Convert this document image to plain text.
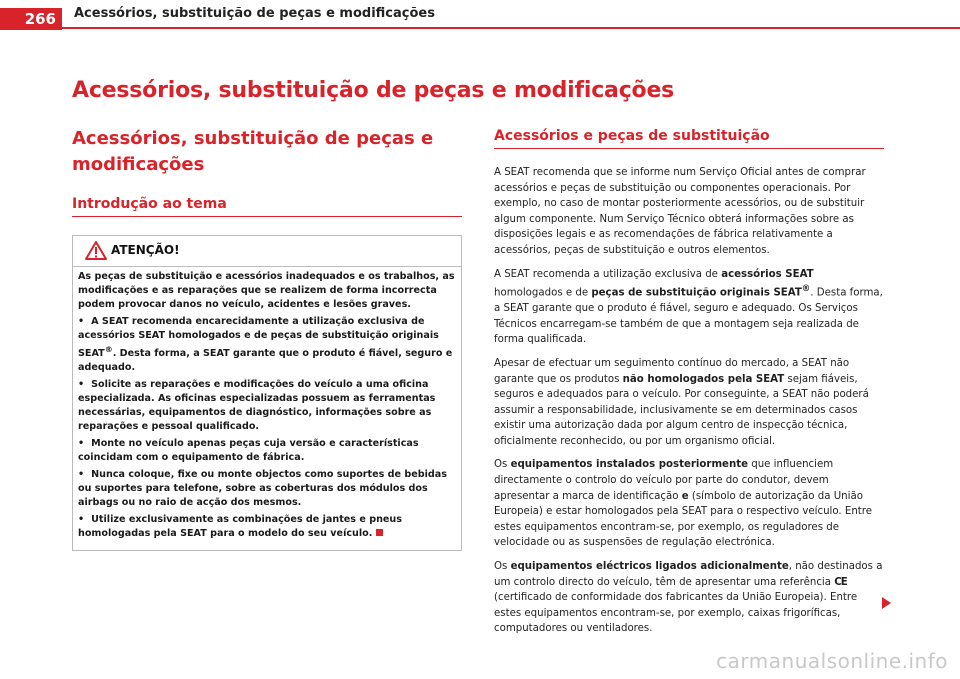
266	Acessórios, substituição de peças e modificações
Acessórios, substituição de peças e modificações
Acessórios, substituição de peças e modificações
Introdução ao tema
ATENÇÃO!

As peças de substituição e acessórios inadequados e os trabalhos, as modificações e as reparações que se realizem de forma incorrecta podem provocar danos no veículo, acidentes e lesões graves.

• A SEAT recomenda encarecidamente a utilização exclusiva de acessórios SEAT homologados e de peças de substituição originais SEAT®. Desta forma, a SEAT garante que o produto é fiável, seguro e adequado.

• Solicite as reparações e modificações do veículo a uma oficina especializada. As oficinas especializadas possuem as ferramentas necessárias, equipamentos de diagnóstico, informações sobre as reparações e pessoal qualificado.

• Monte no veículo apenas peças cuja versão e características coincidam com o equipamento de fábrica.

• Nunca coloque, fixe ou monte objectos como suportes de bebidas ou suportes para telefone, sobre as coberturas dos módulos dos airbags ou no raio de acção dos mesmos.

• Utilize exclusivamente as combinações de jantes e pneus homologadas pela SEAT para o modelo do seu veículo.

Acessórios e peças de substituição

A SEAT recomenda que se informe num Serviço Oficial antes de comprar acessórios e peças de substituição ou componentes operacionais. Por exemplo, no caso de montar posteriormente acessórios, ou de substituir algum componente. Num Serviço Técnico obterá informações sobre as disposições legais e as recomendações de fábrica relativamente a acessórios, peças de substituição e outros elementos.

A SEAT recomenda a utilização exclusiva de acessórios SEAT homologados e de peças de substituição originais SEAT®. Desta forma, a SEAT garante que o produto é fiável, seguro e adequado. Os Serviços Técnicos encarregam-se também de que a montagem seja realizada de forma qualificada.

Apesar de efectuar um seguimento contínuo do mercado, a SEAT não garante que os produtos não homologados pela SEAT sejam fiáveis, seguros e adequados para o veículo. Por conseguinte, a SEAT não poderá assumir a responsabilidade, inclusivamente se em determinados casos existir uma autorização dada por algum centro de inspecção técnica, oficialmente reconhecido, ou por um organismo oficial.

Os equipamentos instalados posteriormente que influenciem directamente o controlo do veículo por parte do condutor, devem apresentar a marca de identificação e (símbolo de autorização da União Europeia) e estar homologados pela SEAT para o respectivo veículo. Entre estes equipamentos encontram-se, por exemplo, os reguladores de velocidade ou as suspensões de regulação electrónica.

Os equipamentos eléctricos ligados adicionalmente, não destinados a um controlo directo do veículo, têm de apresentar uma referência CE (certificado de conformidade dos fabricantes da União Europeia). Entre estes equipamentos encontram-se, por exemplo, caixas frigoríficas, computadores ou ventiladores.

carmanualsonline.info
